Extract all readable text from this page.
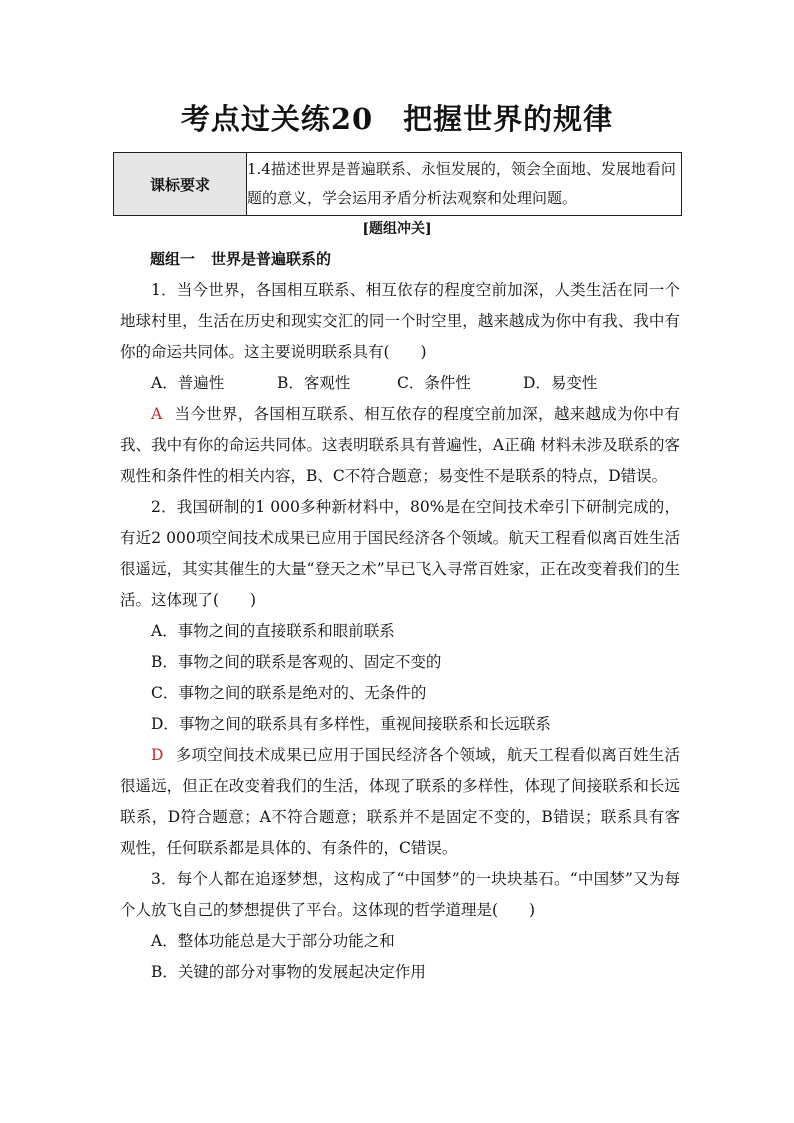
考点过关练20 把握世界的规律
课标要求	1.4描述世界是普遍联系、永恒发展的，领会全面地、发展地看问题的意义，学会运用矛盾分析法观察和处理问题。
[题组冲关]
题组一 世界是普遍联系的

1．当今世界，各国相互联系、相互依存的程度空前加深，人类生活在同一个地球村里，生活在历史和现实交汇的同一个时空里，越来越成为你中有我、我中有你的命运共同体。这主要说明联系具有(　　)

A．普遍性	B．客观性	C．条件性	D．易变性

A 当今世界，各国相互联系、相互依存的程度空前加深，越来越成为你中有我、我中有你的命运共同体。这表明联系具有普遍性，A正确 材料未涉及联系的客观性和条件性的相关内容，B、C不符合题意；易变性不是联系的特点，D错误。

2．我国研制的1 000多种新材料中，80%是在空间技术牵引下研制完成的，有近2 000项空间技术成果已应用于国民经济各个领域。航天工程看似离百姓生活很遥远，其实其催生的大量“登天之术”早已飞入寻常百姓家，正在改变着我们的生活。这体现了(　　)

A．事物之间的直接联系和眼前联系

B．事物之间的联系是客观的、固定不变的

C．事物之间的联系是绝对的、无条件的

D．事物之间的联系具有多样性，重视间接联系和长远联系

D 多项空间技术成果已应用于国民经济各个领域，航天工程看似离百姓生活很遥远，但正在改变着我们的生活，体现了联系的多样性，体现了间接联系和长远联系，D符合题意；A不符合题意；联系并不是固定不变的，B错误；联系具有客观性，任何联系都是具体的、有条件的，C错误。

3．每个人都在追逐梦想，这构成了“中国梦”的一块块基石。“中国梦”又为每个人放飞自己的梦想提供了平台。这体现的哲学道理是(　　)

A．整体功能总是大于部分功能之和

B．关键的部分对事物的发展起决定作用
